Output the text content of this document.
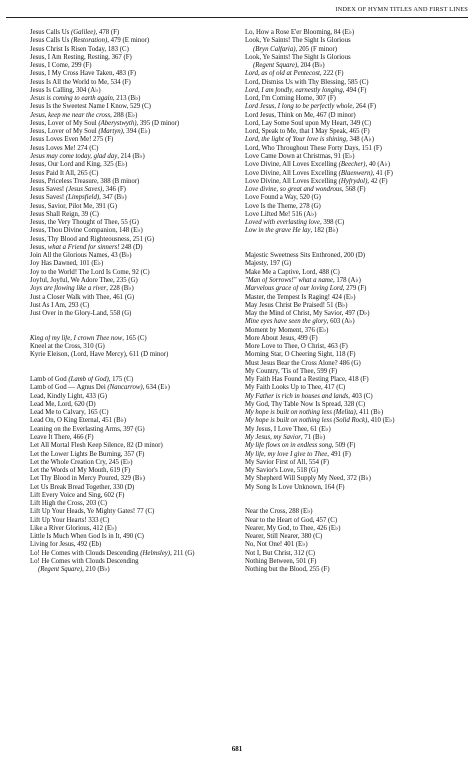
INDEX OF HYMN TITLES AND FIRST LINES
Jesus Calls Us (Galilee), 478 (F)
Jesus Calls Us (Restoration), 479 (E minor)
Jesus Christ Is Risen Today, 183 (C)
Jesus, I Am Resting, Resting, 367 (F)
Jesus, I Come, 299 (F)
Jesus, I My Cross Have Taken, 483 (F)
Jesus Is All the World to Me, 534 (F)
Jesus Is Calling, 304 (A♭)
Jesus is coming to earth again, 213 (B♭)
Jesus Is the Sweetest Name I Know, 529 (C)
Jesus, keep me near the cross, 288 (E♭)
Jesus, Lover of My Soul (Aberystwyth), 395 (D minor)
Jesus, Lover of My Soul (Martyn), 394 (E♭)
Jesus Loves Even Me! 275 (F)
Jesus Loves Me! 274 (C)
Jesus may come today, glad day, 214 (B♭)
Jesus, Our Lord and King, 325 (E♭)
Jesus Paid It All, 265 (C)
Jesus, Priceless Treasure, 388 (B minor)
Jesus Saves! (Jesus Saves), 346 (F)
Jesus Saves! (Limpsfield), 347 (B♭)
Jesus, Savior, Pilot Me, 391 (G)
Jesus Shall Reign, 39 (C)
Jesus, the Very Thought of Thee, 55 (G)
Jesus, Thou Divine Companion, 148 (E♭)
Jesus, Thy Blood and Righteousness, 251 (G)
Jesus, what a Friend for sinners! 248 (D)
Join All the Glorious Names, 43 (B♭)
Joy Has Dawned, 101 (E♭)
Joy to the World! The Lord Is Come, 92 (C)
Joyful, Joyful, We Adore Thee, 235 (G)
Joys are flowing like a river, 228 (B♭)
Just a Closer Walk with Thee, 461 (G)
Just As I Am, 293 (C)
Just Over in the Glory-Land, 558 (G)
King of my life, I crown Thee now, 165 (C)
Kneel at the Cross, 310 (G)
Kyrie Eleison, (Lord, Have Mercy), 611 (D minor)
Lamb of God (Lamb of God), 175 (C)
Lamb of God — Agnus Dei (Nancarrow), 634 (E♭)
Lead, Kindly Light, 433 (G)
Lead Me, Lord, 620 (D)
Lead Me to Calvary, 165 (C)
Lead On, O King Eternal, 451 (B♭)
Leaning on the Everlasting Arms, 397 (G)
Leave It There, 466 (F)
Let All Mortal Flesh Keep Silence, 82 (D minor)
Let the Lower Lights Be Burning, 357 (F)
Let the Whole Creation Cry, 245 (E♭)
Let the Words of My Mouth, 619 (F)
Let Thy Blood in Mercy Poured, 329 (B♭)
Let Us Break Bread Together, 330 (D)
Lift Every Voice and Sing, 602 (F)
Lift High the Cross, 203 (C)
Lift Up Your Heads, Ye Mighty Gates! 77 (C)
Lift Up Your Hearts! 333 (C)
Like a River Glorious, 412 (E♭)
Little Is Much When God Is in It, 490 (C)
Living for Jesus, 492 (Eb)
Lo! He Comes with Clouds Descending (Helmsley), 211 (G)
Lo! He Comes with Clouds Descending
(Regent Square), 210 (B♭)
Lo, How a Rose E'er Blooming, 84 (E♭)
Look, Ye Saints! The Sight Is Glorious
(Bryn Calfaria), 205 (F minor)
Look, Ye Saints! The Sight Is Glorious
(Regent Square), 204 (B♭)
Lord, as of old at Pentecost, 222 (F)
Lord, Dismiss Us with Thy Blessing, 585 (C)
Lord, I am fondly, earnestly longing, 494 (F)
Lord, I'm Coming Home, 307 (F)
Lord Jesus, I long to be perfectly whole, 264 (F)
Lord Jesus, Think on Me, 467 (D minor)
Lord, Lay Some Soul upon My Heart, 349 (C)
Lord, Speak to Me, that I May Speak, 465 (F)
Lord, the light of Your love is shining, 348 (A♭)
Lord, Who Throughout These Forty Days, 151 (F)
Love Came Down at Christmas, 91 (E♭)
Love Divine, All Loves Excelling (Beecher), 40 (A♭)
Love Divine, All Loves Excelling (Blaenwern), 41 (F)
Love Divine, All Loves Excelling (Hyfrydol), 42 (F)
Love divine, so great and wondrous, 568 (F)
Love Found a Way, 520 (G)
Love Is the Theme, 278 (G)
Love Lifted Me! 516 (A♭)
Loved with everlasting love, 398 (C)
Low in the grave He lay, 182 (B♭)
Majestic Sweetness Sits Enthroned, 200 (D)
Majesty, 197 (G)
Make Me a Captive, Lord, 488 (C)
"Man of Sorrows!" what a name, 178 (A♭)
Marvelous grace of our loving Lord, 279 (F)
Master, the Tempest Is Raging! 424 (E♭)
May Jesus Christ Be Praised! 51 (B♭)
May the Mind of Christ, My Savior, 497 (D♭)
Mine eyes have seen the glory, 603 (A♭)
Moment by Moment, 376 (E♭)
More About Jesus, 499 (F)
More Love to Thee, O Christ, 463 (F)
Morning Star, O Cheering Sight, 118 (F)
Must Jesus Bear the Cross Alone? 486 (G)
My Country, 'Tis of Thee, 599 (F)
My Faith Has Found a Resting Place, 418 (F)
My Faith Looks Up to Thee, 417 (C)
My Father is rich in houses and lands, 403 (C)
My God, Thy Table Now Is Spread, 328 (C)
My hope is built on nothing less (Melita), 411 (B♭)
My hope is built on nothing less (Solid Rock), 410 (E♭)
My Jesus, I Love Thee, 61 (E♭)
My Jesus, my Savior, 71 (B♭)
My life flows on in endless song, 509 (F)
My life, my love I give to Thee, 491 (F)
My Savior First of All, 554 (F)
My Savior's Love, 518 (G)
My Shepherd Will Supply My Need, 372 (B♭)
My Song Is Love Unknown, 164 (F)
Near the Cross, 288 (E♭)
Near to the Heart of God, 457 (C)
Nearer, My God, to Thee, 426 (E♭)
Nearer, Still Nearer, 380 (C)
No, Not One! 401 (E♭)
Not I, But Christ, 312 (C)
Nothing Between, 501 (F)
Nothing but the Blood, 255 (F)
681
